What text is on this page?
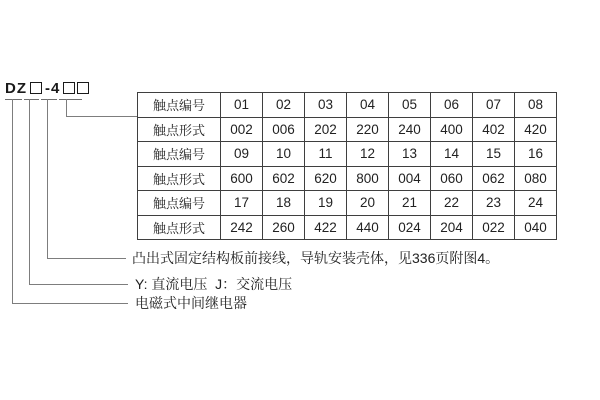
DZ -4
触点编号	01	02	03	04	05	06	07	08
触点形式	002	006	202	220	240	400	402	420
触点编号	09	10	11	12	13	14	15	16
触点形式	600	602	620	800	004	060	062	080
触点编号	17	18	19	20	21	22	23	24
触点形式	242	260	422	440	024	204	022	040
凸出式固定结构板前接线，导轨安装壳体，见336页附图4。
Y: 直流电压  J：交流电压
电磁式中间继电器
